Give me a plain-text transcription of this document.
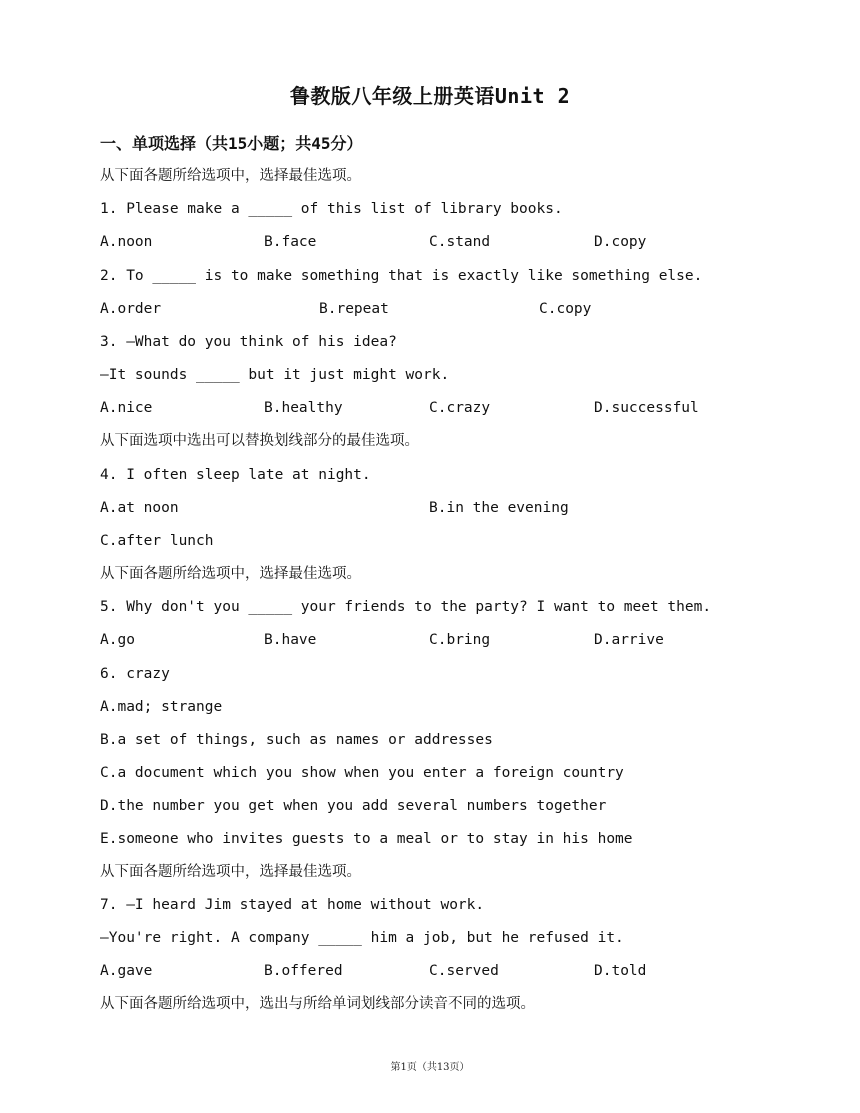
鲁教版八年级上册英语Unit 2
一、单项选择（共15小题；共45分）
从下面各题所给选项中，选择最佳选项。
1. Please make a _____ of this list of library books.
A.noon	B.face	C.stand	D.copy
2. To _____ is to make something that is exactly like something else.
A.order	B.repeat	C.copy
3. —What do you think of his idea?
—It sounds _____ but it just might work.
A.nice	B.healthy	C.crazy	D.successful
从下面选项中选出可以替换划线部分的最佳选项。
4. I often sleep late at night.
A.at noon	B.in the evening
C.after lunch
从下面各题所给选项中，选择最佳选项。
5. Why don't you _____ your friends to the party? I want to meet them.
A.go	B.have	C.bring	D.arrive
6. crazy
A.mad; strange
B.a set of things, such as names or addresses
C.a document which you show when you enter a foreign country
D.the number you get when you add several numbers together
E.someone who invites guests to a meal or to stay in his home
从下面各题所给选项中，选择最佳选项。
7. —I heard Jim stayed at home without work.
—You're right. A company _____ him a job, but he refused it.
A.gave	B.offered	C.served	D.told
从下面各题所给选项中，选出与所给单词划线部分读音不同的选项。
第1页（共13页）
